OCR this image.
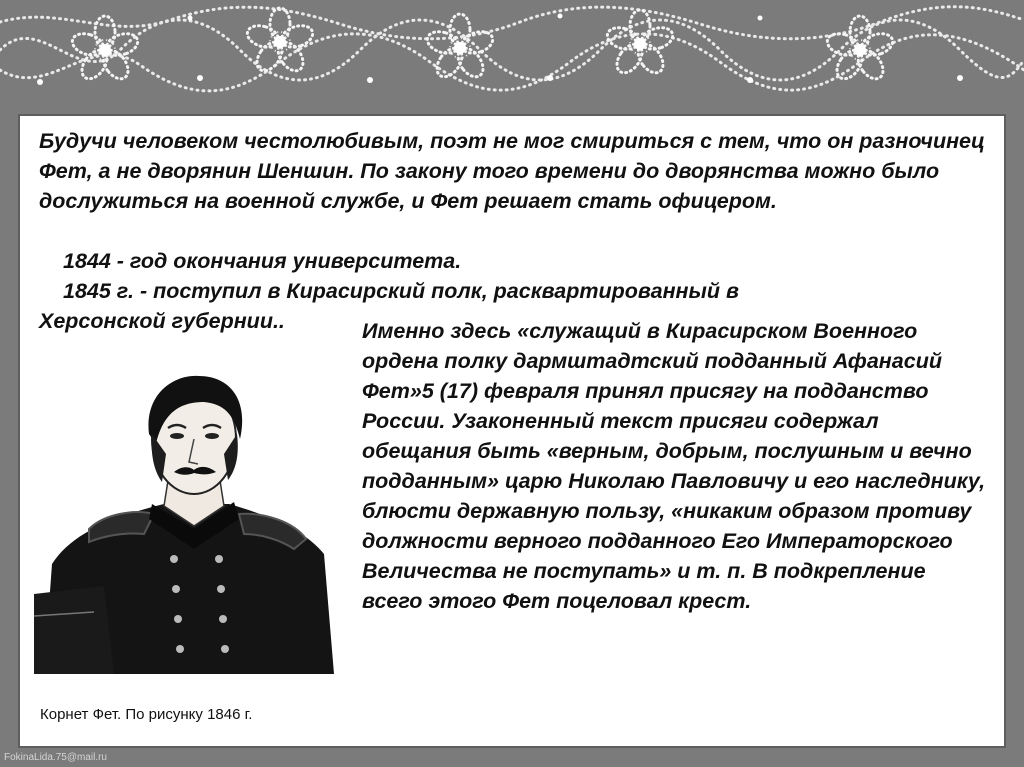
Будучи человеком честолюбивым, поэт не мог смириться с тем, что он разночинец Фет, а не дворянин Шеншин. По закону того времени до дворянства можно было дослужиться на военной службе, и Фет решает стать офицером.

1844 - год окончания университета.
1845 г. - поступил в Кирасирский полк, расквартированный в
Херсонской губернии..
Корнет Фет. По рисунку 1846 г.

Именно здесь «служащий в Кирасирском Военного ордена полку дармштадтский подданный Афанасий Фет»5 (17) февраля принял присягу на подданство России. Узаконенный текст присяги содержал обещания быть «верным, добрым, послушным и вечно подданным» царю Николаю Павловичу и его наследнику, блюсти державную пользу, «никаким образом противу должности верного подданного Его Императорского Величества не поступать» и т. п. В подкрепление всего этого Фет поцеловал крест.

FokinaLida.75@mail.ru
